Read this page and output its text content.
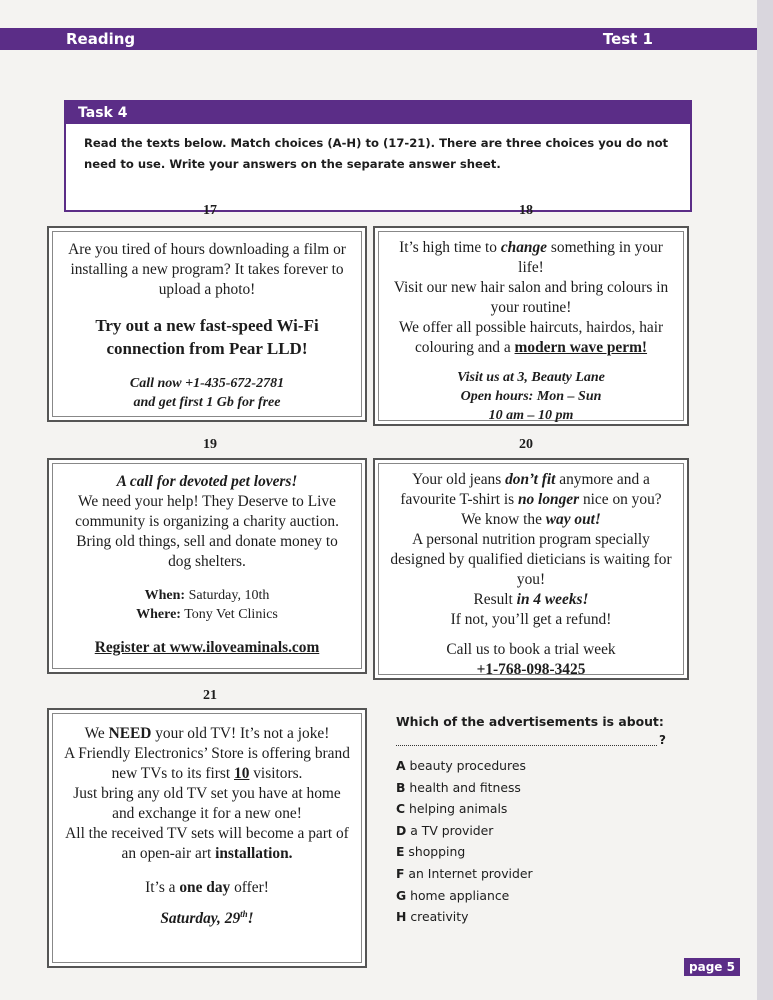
Reading	Test 1
Task 4
Read the texts below. Match choices (A-H) to (17-21). There are three choices you do not need to use. Write your answers on the separate answer sheet.
17

Are you tired of hours downloading a film or installing a new program? It takes forever to upload a photo!

Try out a new fast-speed Wi-Fi connection from Pear LLD!

Call now +1-435-672-2781

and get first 1 Gb for free

18

It’s high time to change something in your life!

Visit our new hair salon and bring colours in your routine!

We offer all possible haircuts, hairdos, hair colouring and a modern wave perm!

Visit us at 3, Beauty Lane

Open hours: Mon – Sun

10 am – 10 pm

19

A call for devoted pet lovers!

We need your help! They Deserve to Live community is organizing a charity auction. Bring old things, sell and donate money to dog shelters.

When: Saturday, 10th

Where: Tony Vet Clinics

Register at www.iloveaminals.com

20

Your old jeans don’t fit anymore and a favourite T-shirt is no longer nice on you?

We know the way out!

A personal nutrition program specially designed by qualified dieticians is waiting for you!

Result in 4 weeks!

If not, you’ll get a refund!

Call us to book a trial week

+1-768-098-3425

21

We NEED your old TV! It’s not a joke!

A Friendly Electronics’ Store is offering brand new TVs to its first 10 visitors.

Just bring any old TV set you have at home and exchange it for a new one!

All the received TV sets will become a part of an open-air art installation.

It’s a one day offer!

Saturday, 29th!

Which of the advertisements is about:
?
A beauty procedures
B health and fitness
C helping animals
D a TV provider
E shopping
F an Internet provider
G home appliance
H creativity
page 5
